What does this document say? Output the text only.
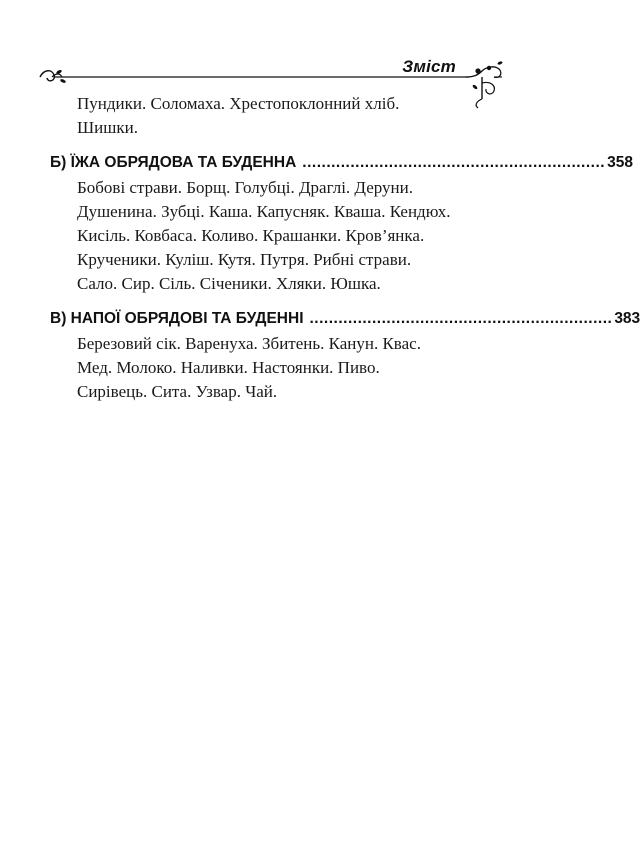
Зміст
Пундики. Соломаха. Хрестопоклонний хліб.
Шишки.
Б) ЇЖА ОБРЯДОВА ТА БУДЕННА ............................................................... 358
Бобові страви. Борщ. Голубці. Драглі. Деруни.
Душенина. Зубці. Каша. Капусняк. Кваша. Кендюх.
Кисіль. Ковбаса. Коливо. Крашанки. Кров’янка.
Крученики. Куліш. Кутя. Путря. Рибні страви.
Сало. Сир. Сіль. Січеники. Хляки. Юшка.
В) НАПОЇ ОБРЯДОВІ ТА БУДЕННІ ............................................................... 383
Березовий сік. Варенуха. Збитень. Канун. Квас.
Мед. Молоко. Наливки. Настоянки. Пиво.
Сирівець. Сита. Узвар. Чай.
